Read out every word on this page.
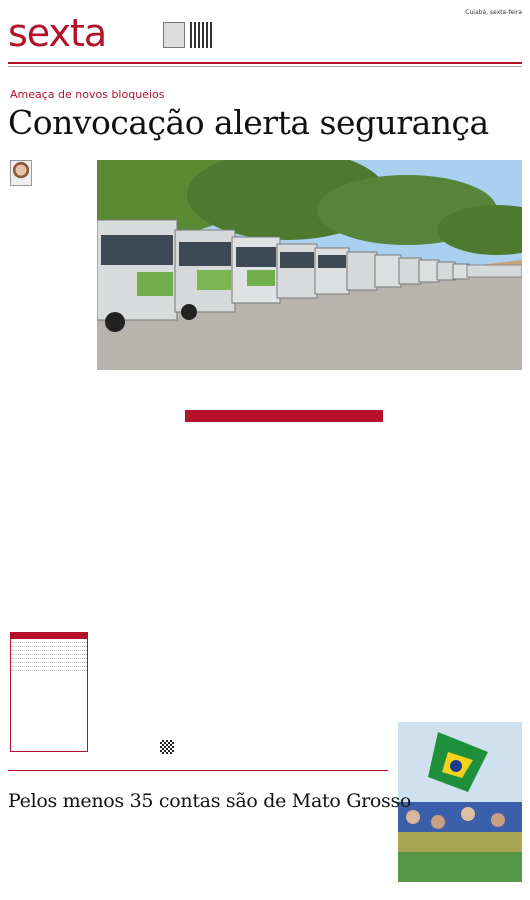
sexta	Cuiabá, sexta-feira
Ameaça de novos bloqueios
Convocação alerta segurança

Pelos menos 35 contas são de Mato Grosso
